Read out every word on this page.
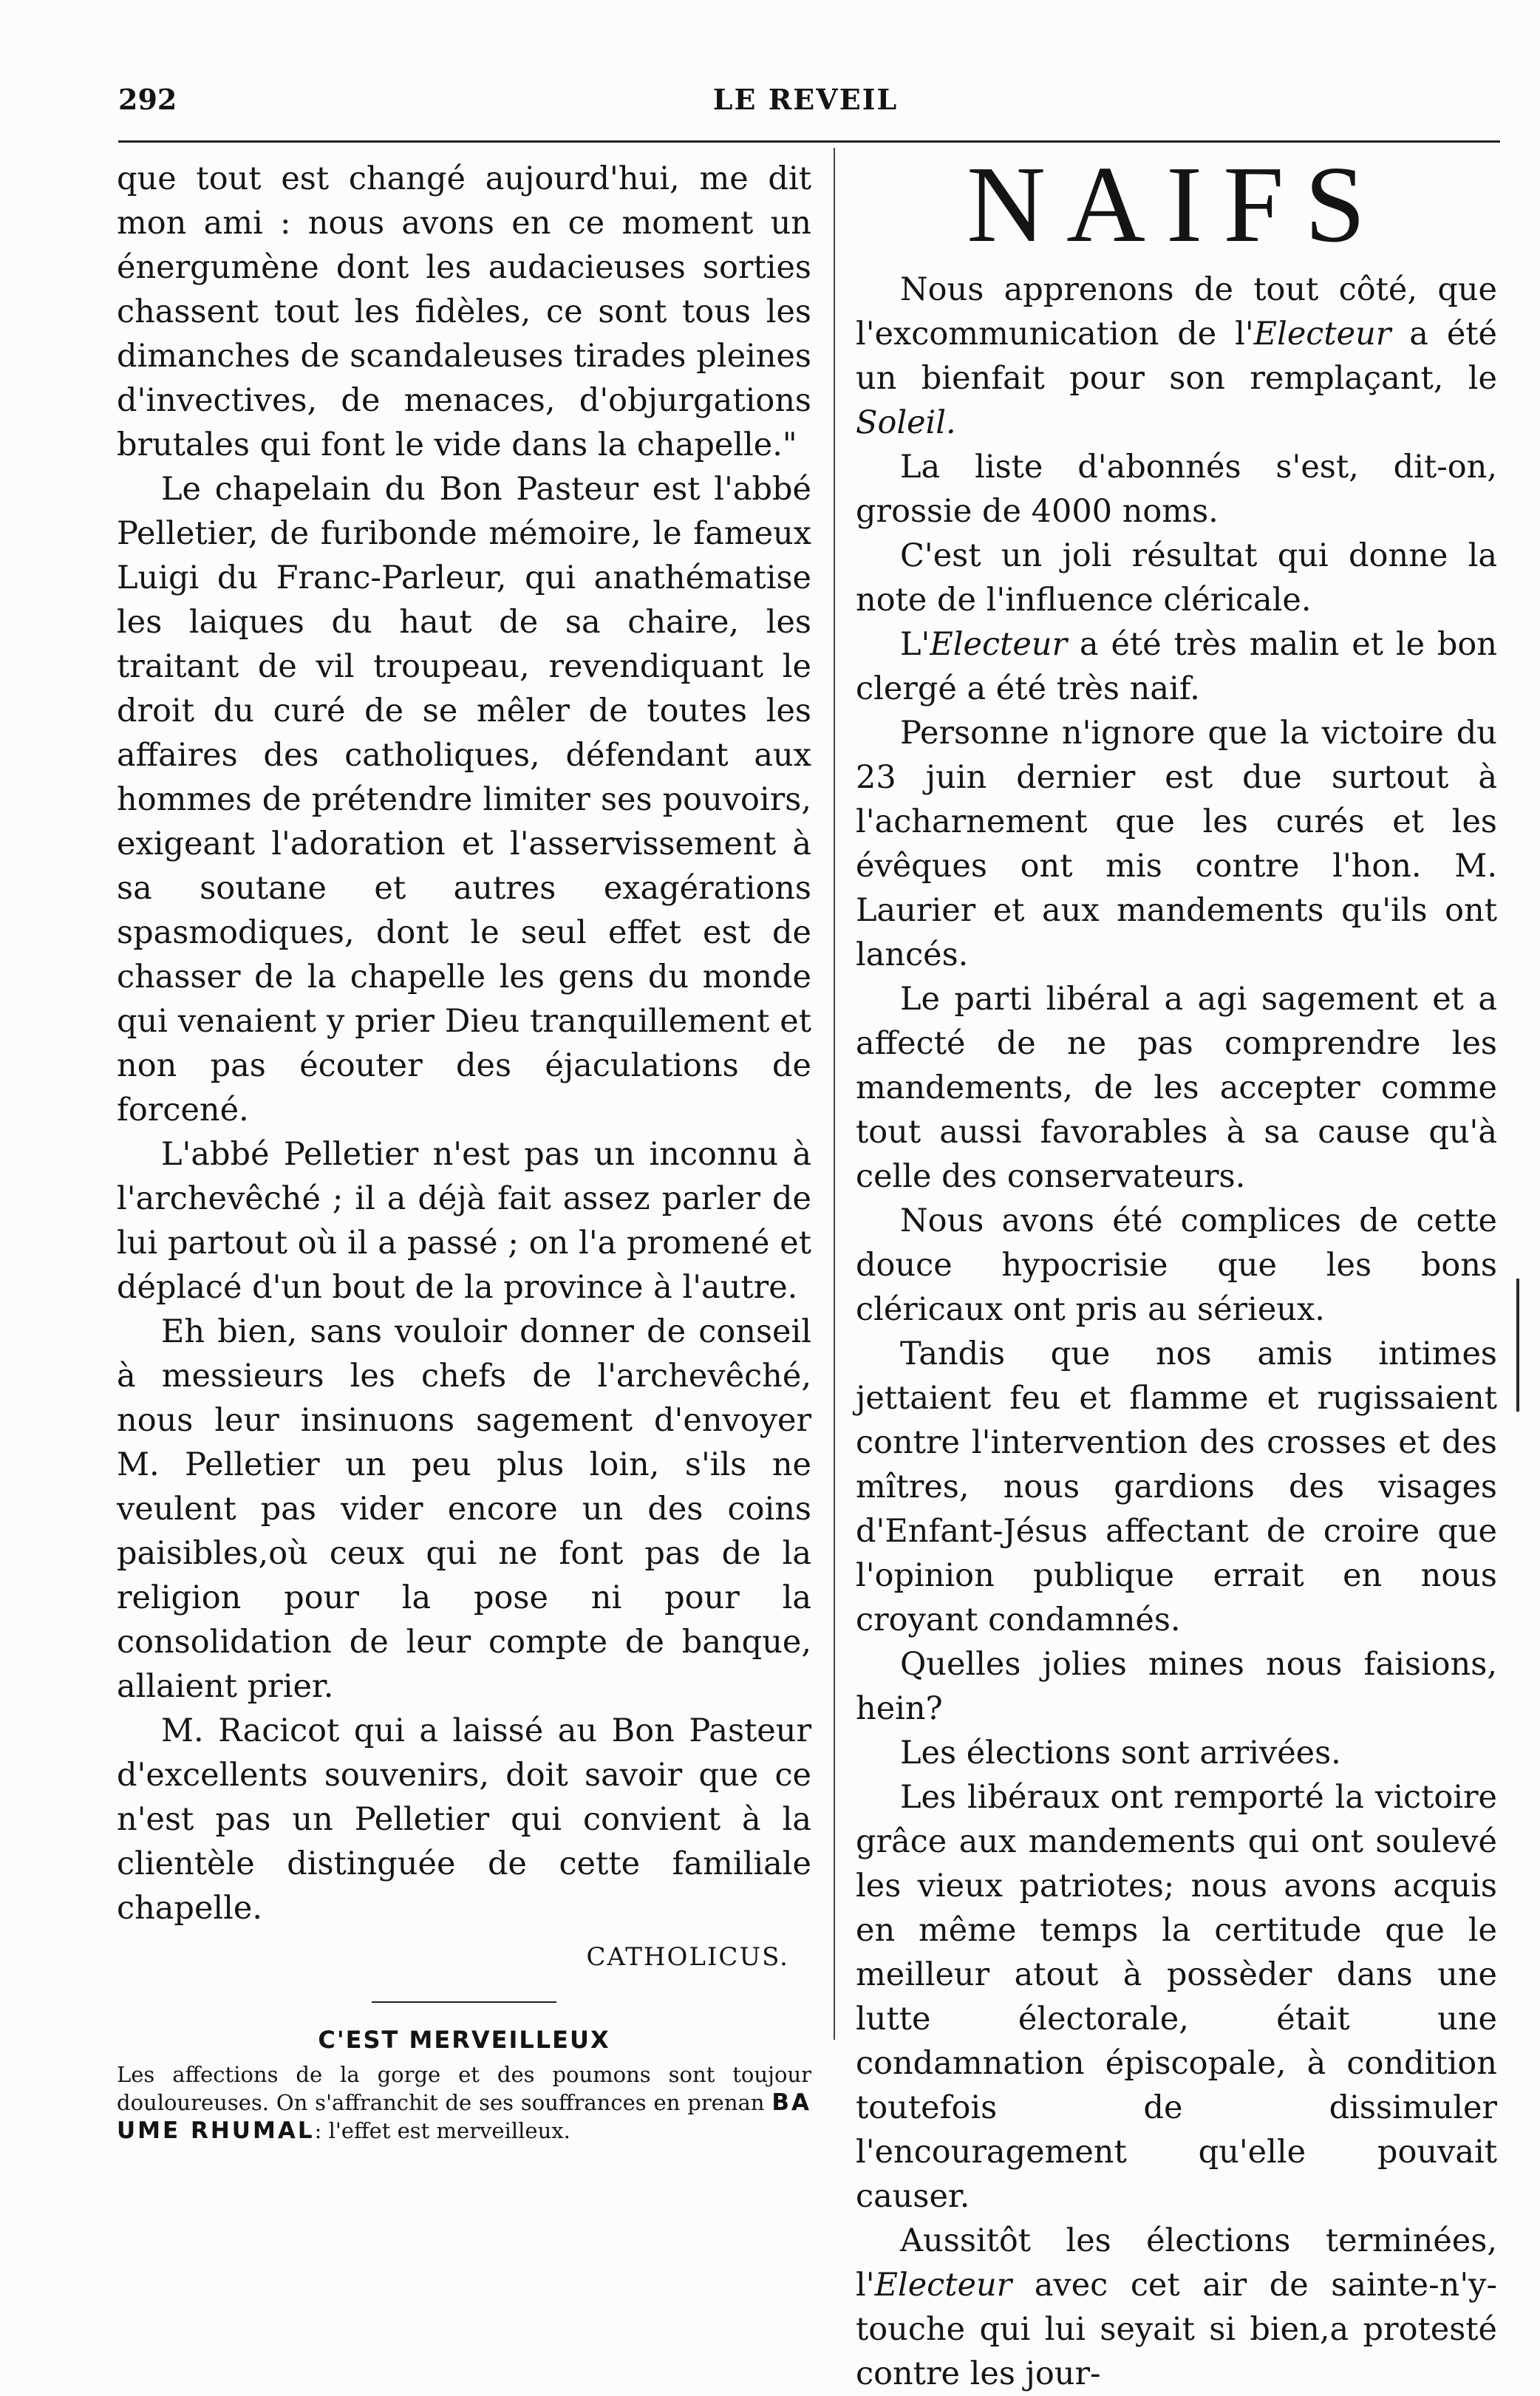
292	LE REVEIL

que tout est changé aujourd'hui, me dit mon ami : nous avons en ce moment un énergumène dont les audacieuses sorties chassent tout les fidèles, ce sont tous les dimanches de scandaleuses tirades pleines d'invectives, de menaces, d'objurgations brutales qui font le vide dans la chapelle."

Le chapelain du Bon Pasteur est l'abbé Pelletier, de furibonde mémoire, le fameux Luigi du Franc-Parleur, qui anathématise les laiques du haut de sa chaire, les traitant de vil troupeau, revendiquant le droit du curé de se mêler de toutes les affaires des catholiques, défendant aux hommes de prétendre limiter ses pouvoirs, exigeant l'adoration et l'asservissement à sa soutane et autres exagérations spasmodiques, dont le seul effet est de chasser de la chapelle les gens du monde qui venaient y prier Dieu tranquillement et non pas écouter des éjaculations de forcené.

L'abbé Pelletier n'est pas un inconnu à l'archevêché ; il a déjà fait assez parler de lui partout où il a passé ; on l'a promené et déplacé d'un bout de la province à l'autre.

Eh bien, sans vouloir donner de conseil à messieurs les chefs de l'archevêché, nous leur insinuons sagement d'envoyer M. Pelletier un peu plus loin, s'ils ne veulent pas vider encore un des coins paisibles,où ceux qui ne font pas de la religion pour la pose ni pour la consolidation de leur compte de banque, allaient prier.

M. Racicot qui a laissé au Bon Pasteur d'excellents souvenirs, doit savoir que ce n'est pas un Pelletier qui convient à la clientèle distinguée de cette familiale chapelle.

CATHOLICUS.
C'EST MERVEILLEUX
Les affections de la gorge et des poumons sont toujour douloureuses. On s'affranchit de ses souffrances en prenan BA UME RHUMAL: l'effet est merveilleux.
NAIFS

Nous apprenons de tout côté, que l'excommunication de l'Electeur a été un bienfait pour son remplaçant, le Soleil.

La liste d'abonnés s'est, dit-on, grossie de 4000 noms.

C'est un joli résultat qui donne la note de l'influence cléricale.

L'Electeur a été très malin et le bon clergé a été très naif.

Personne n'ignore que la victoire du 23 juin dernier est due surtout à l'acharnement que les curés et les évêques ont mis contre l'hon. M. Laurier et aux mandements qu'ils ont lancés.

Le parti libéral a agi sagement et a affecté de ne pas comprendre les mandements, de les accepter comme tout aussi favorables à sa cause qu'à celle des conservateurs.

Nous avons été complices de cette douce hypocrisie que les bons cléricaux ont pris au sérieux.

Tandis que nos amis intimes jettaient feu et flamme et rugissaient contre l'intervention des crosses et des mîtres, nous gardions des visages d'Enfant-Jésus affectant de croire que l'opinion publique errait en nous croyant condamnés.

Quelles jolies mines nous faisions, hein?

Les élections sont arrivées.

Les libéraux ont remporté la victoire grâce aux mandements qui ont soulevé les vieux patriotes; nous avons acquis en même temps la certitude que le meilleur atout à possèder dans une lutte électorale, était une condamnation épiscopale, à condition toutefois de dissimuler l'encouragement qu'elle pouvait causer.

Aussitôt les élections terminées, l'Electeur avec cet air de sainte-n'y-touche qui lui seyait si bien,a protesté contre les jour-
